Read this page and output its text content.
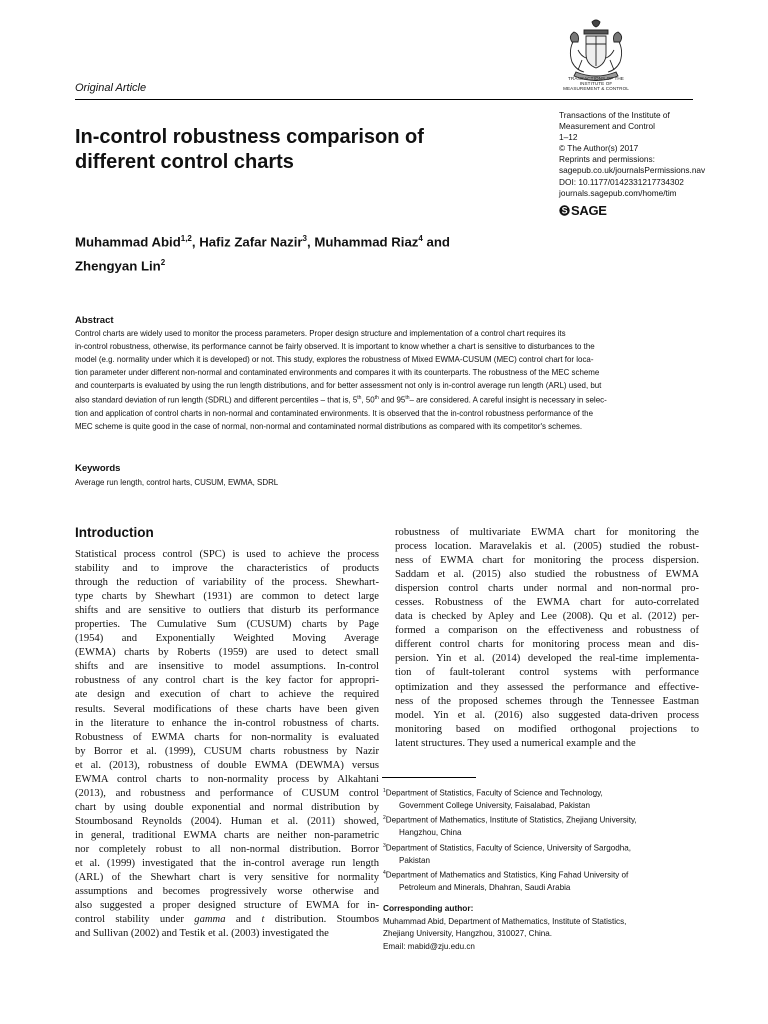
TRANSACTIONS OF THE
INSTITUTE OF
MEASUREMENT & CONTROL
Original Article
Transactions of the Institute of
Measurement and Control
1–12
© The Author(s) 2017
Reprints and permissions:
sagepub.co.uk/journalsPermissions.nav
DOI: 10.1177/0142331217734302
journals.sagepub.com/home/tim
S SAGE
In-control robustness comparison of
different control charts
Muhammad Abid$^{1,2}$, Hafiz Zafar Nazir$^3$, Muhammad Riaz$^4$ and
Zhengyan Lin$^2$
Abstract
Control charts are widely used to monitor the process parameters. Proper design structure and implementation of a control chart requires its
in-control robustness, otherwise, its performance cannot be fairly observed. It is important to know whether a chart is sensitive to disturbances to the
model (e.g. normality under which it is developed) or not. This study, explores the robustness of Mixed EWMA-CUSUM (MEC) control chart for loca-
tion parameter under different non-normal and contaminated environments and compares it with its counterparts. The robustness of the MEC scheme
and counterparts is evaluated by using the run length distributions, and for better assessment not only is in-control average run length (ARL) used, but
also standard deviation of run length (SDRL) and different percentiles – that is, 5th, 50th and 95th– are considered. A careful insight is necessary in selec-
tion and application of control charts in non-normal and contaminated environments. It is observed that the in-control robustness performance of the
MEC scheme is quite good in the case of normal, non-normal and contaminated normal distributions as compared with its competitor's schemes.
Keywords
Average run length, control harts, CUSUM, EWMA, SDRL
Introduction
Statistical process control (SPC) is used to achieve the process
stability and to improve the characteristics of products
through the reduction of variability of the process. Shewhart-
type charts by Shewhart (1931) are common to detect large
shifts and are sensitive to outliers that disturb its performance
properties. The Cumulative Sum (CUSUM) charts by Page
(1954) and Exponentially Weighted Moving Average
(EWMA) charts by Roberts (1959) are used to detect small
shifts and are insensitive to model assumptions. In-control
robustness of any control chart is the key factor for appropri-
ate design and execution of chart to achieve the required
results. Several modifications of these charts have been given
in the literature to enhance the in-control robustness of charts.
Robustness of EWMA charts for non-normality is evaluated
by Borror et al. (1999), CUSUM charts robustness by Nazir
et al. (2013), robustness of double EWMA (DEWMA) versus
EWMA control charts to non-normality process by Alkahtani
(2013), and robustness and performance of CUSUM control
chart by using double exponential and normal distribution by
Stoumbosand Reynolds (2004). Human et al. (2011) showed,
in general, traditional EWMA charts are neither non-parametric
nor completely robust to all non-normal distribution. Borror
et al. (1999) investigated that the in-control average run length
(ARL) of the Shewhart chart is very sensitive for normality
assumptions and becomes progressively worse otherwise and
also suggested a proper designed structure of EWMA for in-
control stability under gamma and t distribution. Stoumbos
and Sullivan (2002) and Testik et al. (2003) investigated the
robustness of multivariate EWMA chart for monitoring the
process location. Maravelakis et al. (2005) studied the robust-
ness of EWMA chart for monitoring the process dispersion.
Saddam et al. (2015) also studied the robustness of EWMA
dispersion control charts under normal and non-normal pro-
cesses. Robustness of the EWMA chart for auto-correlated
data is checked by Apley and Lee (2008). Qu et al. (2012) per-
formed a comparison on the effectiveness and robustness of
different control charts for monitoring process mean and dis-
persion. Yin et al. (2014) developed the real-time implementa-
tion of fault-tolerant control systems with performance
optimization and they assessed the performance and effective-
ness of the proposed schemes through the Tennessee Eastman
model. Yin et al. (2016) also suggested data-driven process
monitoring based on modified orthogonal projections to
latent structures. They used a numerical example and the
$^1$Department of Statistics, Faculty of Science and Technology,
Government College University, Faisalabad, Pakistan
$^2$Department of Mathematics, Institute of Statistics, Zhejiang University,
Hangzhou, China
$^3$Department of Statistics, Faculty of Science, University of Sargodha,
Pakistan
$^4$Department of Mathematics and Statistics, King Fahad University of
Petroleum and Minerals, Dhahran, Saudi Arabia
Corresponding author:
Muhammad Abid, Department of Mathematics, Institute of Statistics,
Zhejiang University, Hangzhou, 310027, China.
Email: mabid@zju.edu.cn
